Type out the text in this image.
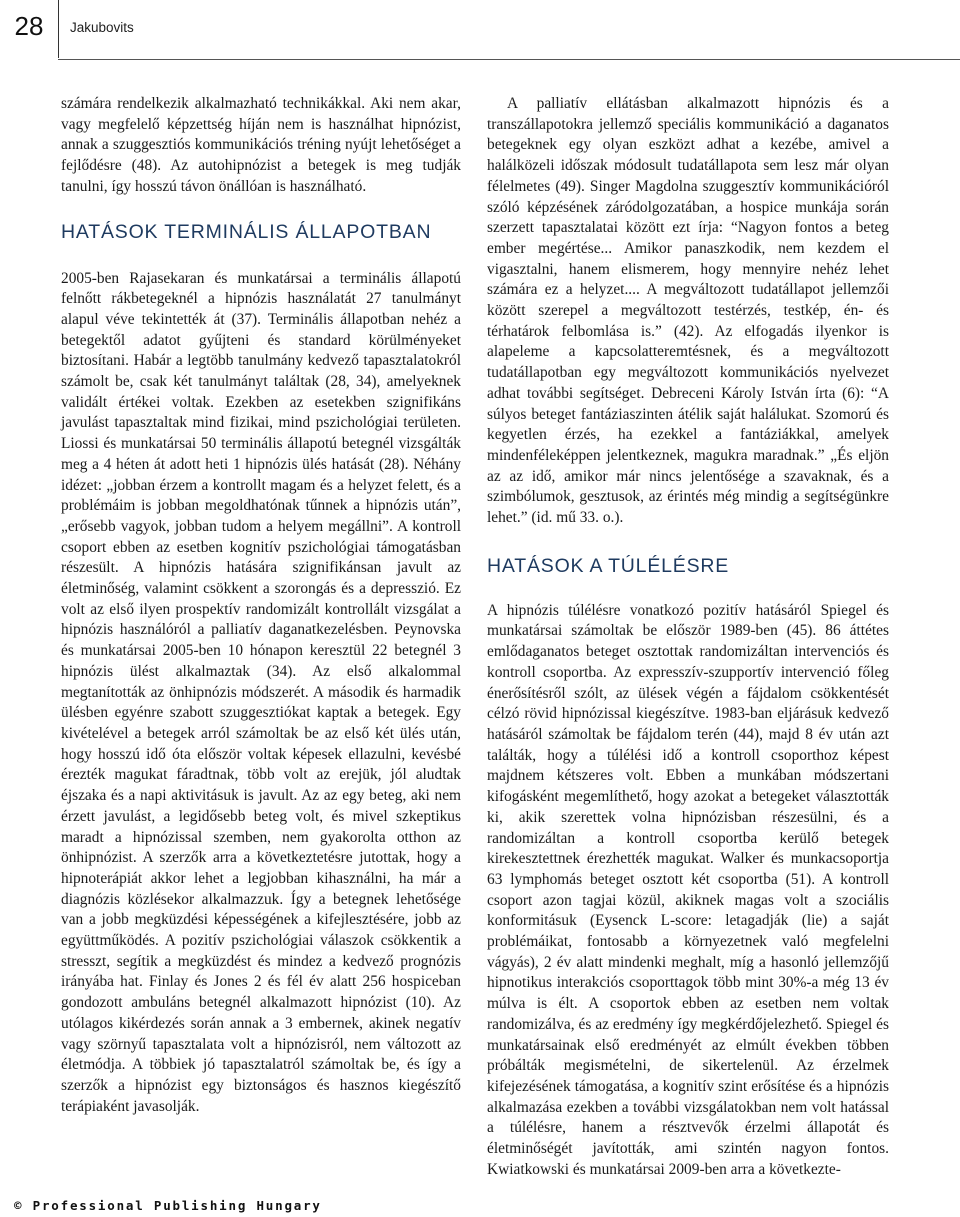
28	Jakubovits

számára rendelkezik alkalmazható technikákkal. Aki nem akar, vagy megfelelő képzettség híján nem is használhat hipnózist, annak a szuggesztiós kommunikációs tréning nyújt lehetőséget a fejlődésre (48). Az autohipnózist a betegek is meg tudják tanulni, így hosszú távon önállóan is használható.

HATÁSOK TERMINÁLIS ÁLLAPOTBAN

2005-ben Rajasekaran és munkatársai a terminális állapotú felnőtt rákbetegeknél a hipnózis használatát 27 tanulmányt alapul véve tekintették át (37). Terminális állapotban nehéz a betegektől adatot gyűjteni és standard körülményeket biztosítani. Habár a legtöbb tanulmány kedvező tapasztalatokról számolt be, csak két tanulmányt találtak (28, 34), amelyeknek validált értékei voltak. Ezekben az esetekben szignifikáns javulást tapasztaltak mind fizikai, mind pszichológiai területen. Liossi és munkatársai 50 terminális állapotú betegnél vizsgálták meg a 4 héten át adott heti 1 hipnózis ülés hatását (28). Néhány idézet: „jobban érzem a kontrollt magam és a helyzet felett, és a problémáim is jobban megoldhatónak tűnnek a hipnózis után”, „erősebb vagyok, jobban tudom a helyem megállni”. A kontroll csoport ebben az esetben kognitív pszichológiai támogatásban részesült. A hipnózis hatására szignifikánsan javult az életminőség, valamint csökkent a szorongás és a depresszió. Ez volt az első ilyen prospektív randomizált kontrollált vizsgálat a hipnózis használóról a palliatív daganatkezelésben. Peynovska és munkatársai 2005-ben 10 hónapon keresztül 22 betegnél 3 hipnózis ülést alkalmaztak (34). Az első alkalommal megtanították az önhipnózis módszerét. A második és harmadik ülésben egyénre szabott szuggesztiókat kaptak a betegek. Egy kivételével a betegek arról számoltak be az első két ülés után, hogy hosszú idő óta először voltak képesek ellazulni, kevésbé érezték magukat fáradtnak, több volt az erejük, jól aludtak éjszaka és a napi aktivitásuk is javult. Az az egy beteg, aki nem érzett javulást, a legidősebb beteg volt, és mivel szkeptikus maradt a hipnózissal szemben, nem gyakorolta otthon az önhipnózist. A szerzők arra a következtetésre jutottak, hogy a hipnoterápiát akkor lehet a legjobban kihasználni, ha már a diagnózis közlésekor alkalmazzuk. Így a betegnek lehetősége van a jobb megküzdési képességének a kifejlesztésére, jobb az együttműködés. A pozitív pszichológiai válaszok csökkentik a stresszt, segítik a megküzdést és mindez a kedvező prognózis irányába hat. Finlay és Jones 2 és fél év alatt 256 hospiceban gondozott ambuláns betegnél alkalmazott hipnózist (10). Az utólagos kikérdezés során annak a 3 embernek, akinek negatív vagy szörnyű tapasztalata volt a hipnózisról, nem változott az életmódja. A többiek jó tapasztalatról számoltak be, és így a szerzők a hipnózist egy biztonságos és hasznos kiegészítő terápiaként javasolják.

A palliatív ellátásban alkalmazott hipnózis és a transzállapotokra jellemző speciális kommunikáció a daganatos betegeknek egy olyan eszközt adhat a kezébe, amivel a halálközeli időszak módosult tudatállapota sem lesz már olyan félelmetes (49). Singer Magdolna szuggesztív kommunikációról szóló képzésének záródolgozatában, a hospice munkája során szerzett tapasztalatai között ezt írja: “Nagyon fontos a beteg ember megértése... Amikor panaszkodik, nem kezdem el vigasztalni, hanem elismerem, hogy mennyire nehéz lehet számára ez a helyzet.... A megváltozott tudatállapot jellemzői között szerepel a megváltozott testérzés, testkép, én- és térhatárok felbomlása is.” (42). Az elfogadás ilyenkor is alapeleme a kapcsolatteremtésnek, és a megváltozott tudatállapotban egy megváltozott kommunikációs nyelvezet adhat további segítséget. Debreceni Károly István írta (6): “A súlyos beteget fantáziaszinten átélik saját halálukat. Szomorú és kegyetlen érzés, ha ezekkel a fantáziákkal, amelyek mindenféleképpen jelentkeznek, magukra maradnak.” „És eljön az az idő, amikor már nincs jelentősége a szavaknak, és a szimbólumok, gesztusok, az érintés még mindig a segítségünkre lehet.” (id. mű 33. o.).

HATÁSOK A TÚLÉLÉSRE

A hipnózis túlélésre vonatkozó pozitív hatásáról Spiegel és munkatársai számoltak be először 1989-ben (45). 86 áttétes emlődaganatos beteget osztottak randomizáltan intervenciós és kontroll csoportba. Az expresszív-szupportív intervenció főleg énerősítésről szólt, az ülések végén a fájdalom csökkentését célzó rövid hipnózissal kiegészítve. 1983-ban eljárásuk kedvező hatásáról számoltak be fájdalom terén (44), majd 8 év után azt találták, hogy a túlélési idő a kontroll csoporthoz képest majdnem kétszeres volt. Ebben a munkában módszertani kifogásként megemlíthető, hogy azokat a betegeket választották ki, akik szerettek volna hipnózisban részesülni, és a randomizáltan a kontroll csoportba kerülő betegek kirekesztettnek érezhették magukat. Walker és munkacsoportja 63 lymphomás beteget osztott két csoportba (51). A kontroll csoport azon tagjai közül, akiknek magas volt a szociális konformitásuk (Eysenck L-score: letagadják (lie) a saját problémáikat, fontosabb a környezetnek való megfelelni vágyás), 2 év alatt mindenki meghalt, míg a hasonló jellemzőjű hipnotikus interakciós csoporttagok több mint 30%-a még 13 év múlva is élt. A csoportok ebben az esetben nem voltak randomizálva, és az eredmény így megkérdőjelezhető. Spiegel és munkatársainak első eredményét az elmúlt években többen próbálták megismételni, de sikertelenül. Az érzelmek kifejezésének támogatása, a kognitív szint erősítése és a hipnózis alkalmazása ezekben a további vizsgálatokban nem volt hatással a túlélésre, hanem a résztvevők érzelmi állapotát és életminőségét javították, ami szintén nagyon fontos. Kwiatkowski és munkatársai 2009-ben arra a következte-

© Professional Publishing Hungary
